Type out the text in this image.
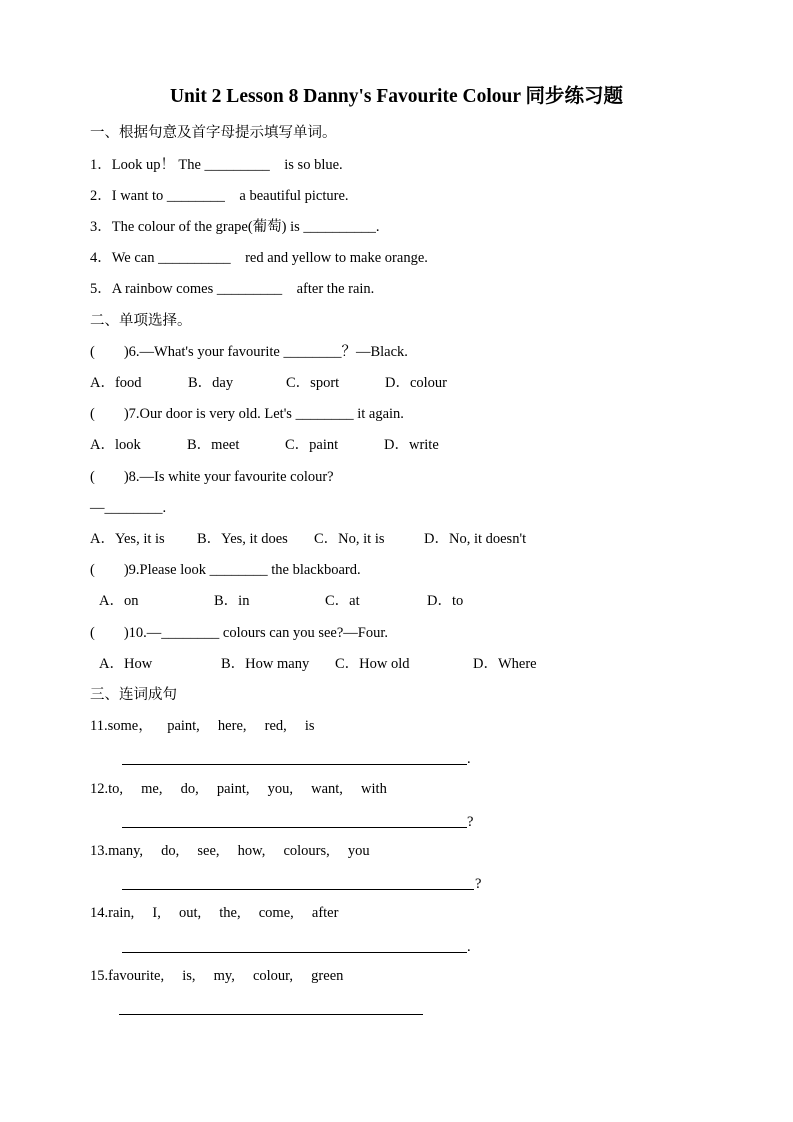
Unit 2 Lesson 8 Danny's Favourite Colour 同步练习题
一、根据句意及首字母提示填写单词。
1．Look up！ The _________    is so blue.
2．I want to ________    a beautiful picture.
3．The colour of the grape(葡萄) is __________.
4．We can __________    red and yellow to make orange.
5．A rainbow comes _________    after the rain.
二、单项选择。
(        )6.—What's your favourite ________？—Black.
A．food	B．day	C．sport	D．colour
(        )7.Our door is very old. Let's ________ it again.
A．look	B．meet	C．paint	D．write
(        )8.—Is white your favourite colour?
—________.
A．Yes, it is B．Yes, it does C．No, it is	D．No, it doesn't
(        )9.Please look ________ the blackboard.
A．on	B．in	C．at	D．to
(        )10.—________ colours can you see?—Four.
A．How	B．How many C．How old	D．Where
三、连词成句
11.some，    paint,     here,     red,     is
.
12.to,     me,     do,     paint,     you,     want,     with
?
13.many,     do,     see,     how,     colours,     you
?
14.rain,     I,     out,     the,     come,     after
.
15.favourite,     is,     my,     colour,     green
